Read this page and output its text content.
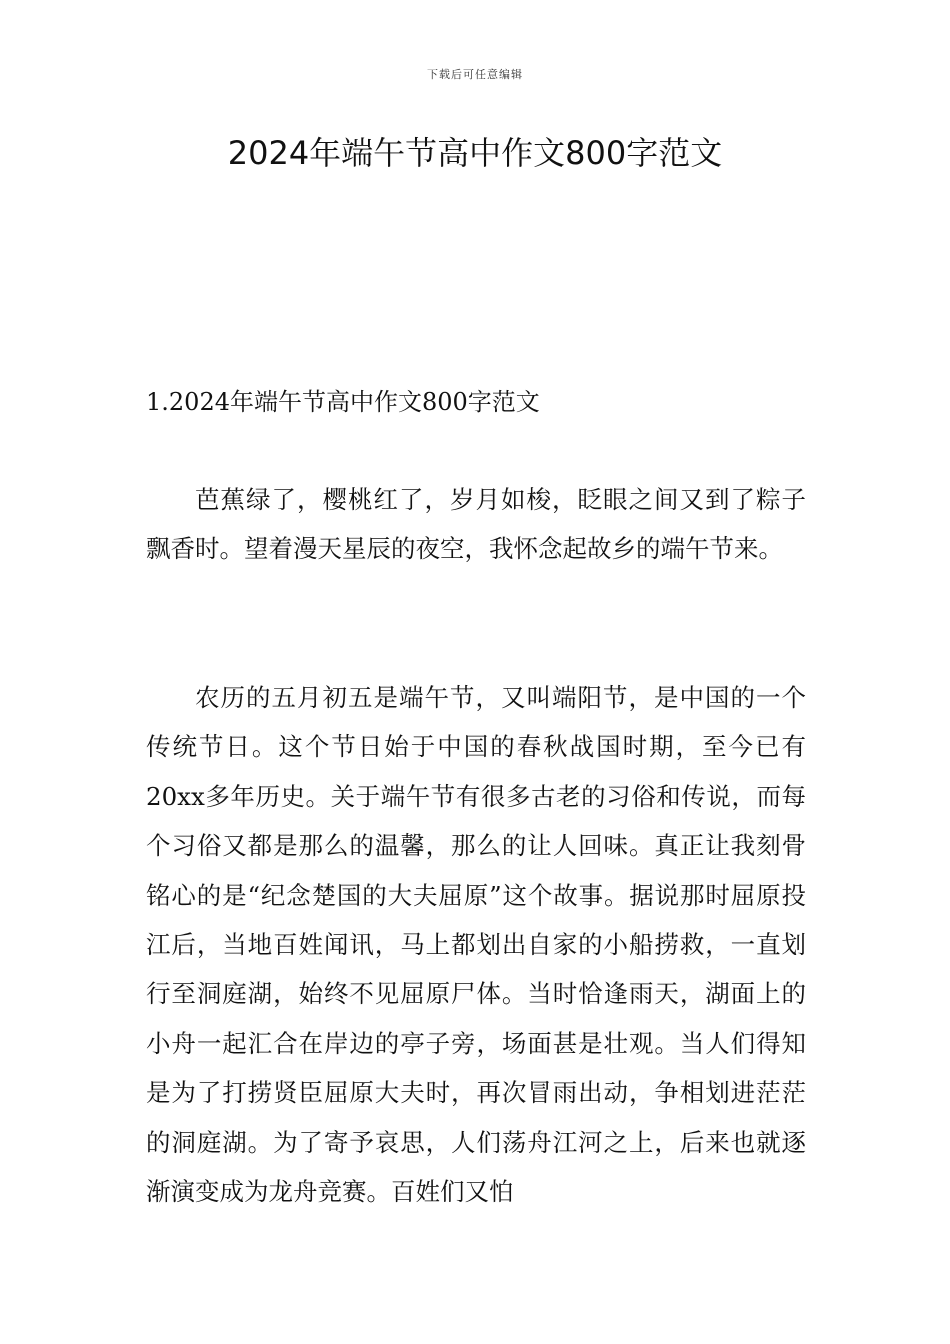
下载后可任意编辑
2024年端午节高中作文800字范文
1.2024年端午节高中作文800字范文

芭蕉绿了，樱桃红了，岁月如梭，眨眼之间又到了粽子飘香时。望着漫天星辰的夜空，我怀念起故乡的端午节来。

农历的五月初五是端午节，又叫端阳节，是中国的一个传统节日。这个节日始于中国的春秋战国时期，至今已有20xx多年历史。关于端午节有很多古老的习俗和传说，而每个习俗又都是那么的温馨，那么的让人回味。真正让我刻骨铭心的是“纪念楚国的大夫屈原”这个故事。据说那时屈原投江后，当地百姓闻讯，马上都划出自家的小船捞救，一直划行至洞庭湖，始终不见屈原尸体。当时恰逢雨天，湖面上的小舟一起汇合在岸边的亭子旁，场面甚是壮观。当人们得知是为了打捞贤臣屈原大夫时，再次冒雨出动，争相划进茫茫的洞庭湖。为了寄予哀思，人们荡舟江河之上，后来也就逐渐演变成为龙舟竞赛。百姓们又怕
